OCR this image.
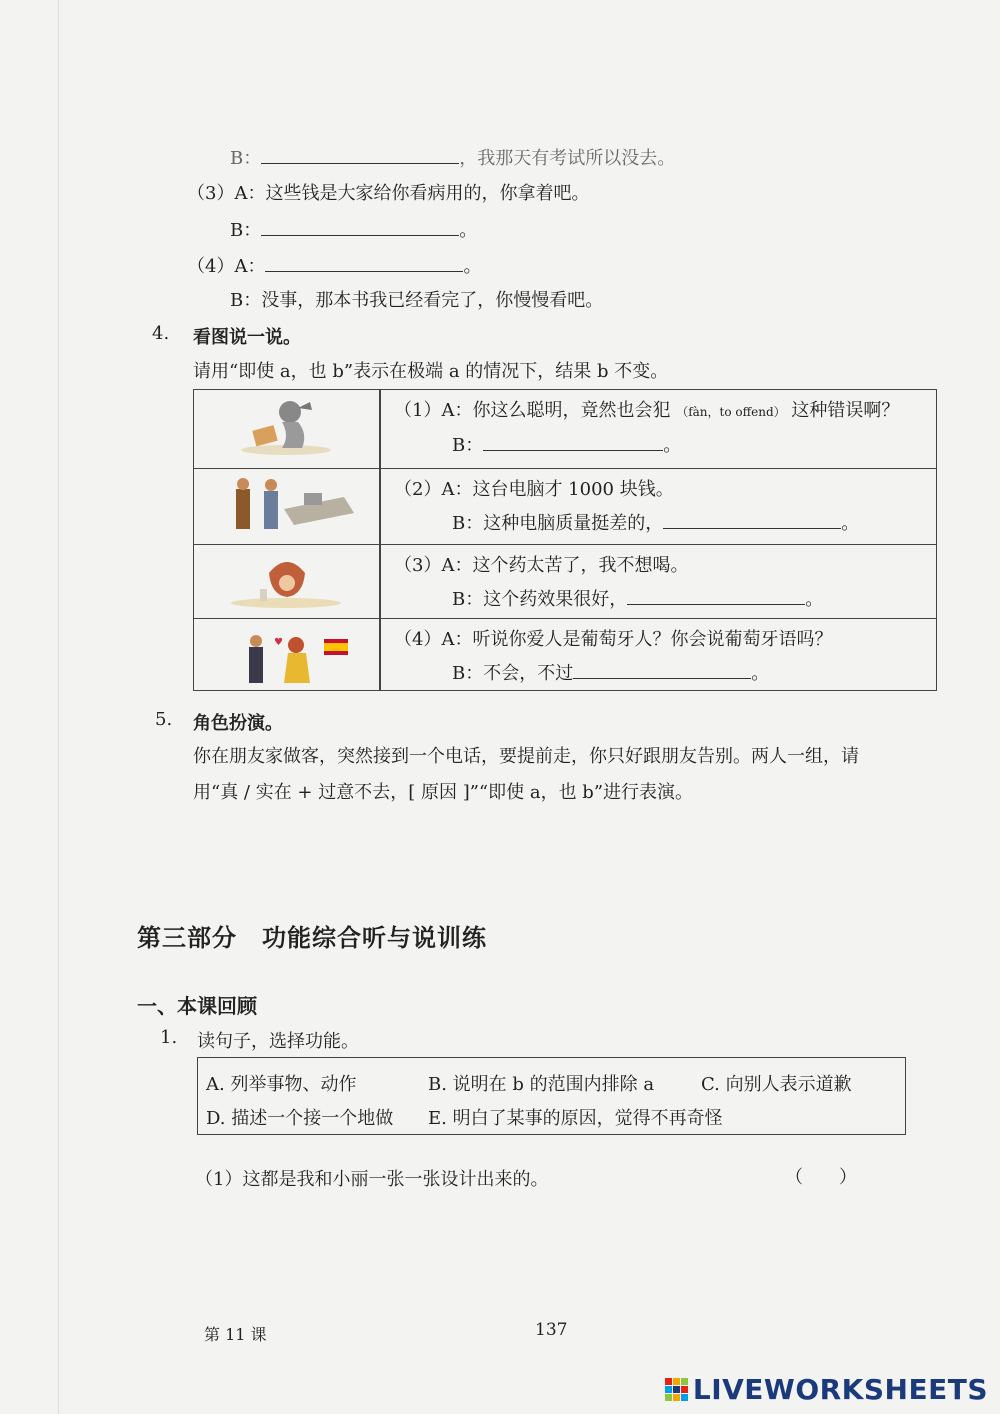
B：	，我那天有考试所以没去。
（3）A：这些钱是大家给你看病用的，你拿着吧。
B：	。
（4）A：	。
B：没事，那本书我已经看完了，你慢慢看吧。
4. 看图说一说。
请用“即使 a，也 b”表示在极端 a 的情况下，结果 b 不变。
（1）A：你这么聪明，竟然也会犯 （fàn，to offend） 这种错误啊？
B：	。
（2）A：这台电脑才 1000 块钱。
B：这种电脑质量挺差的，	。
（3）A：这个药太苦了，我不想喝。
B：这个药效果很好，	。
♥	（4）A：听说你爱人是葡萄牙人？你会说葡萄牙语吗？
B：不会，不过	。
5. 角色扮演。
你在朋友家做客，突然接到一个电话，要提前走，你只好跟朋友告别。两人一组，请
用“真 / 实在 + 过意不去，[ 原因 ]”“即使 a，也 b”进行表演。
第三部分　功能综合听与说训练
一、本课回顾
1. 读句子，选择功能。
A. 列举事物、动作	B. 说明在 b 的范围内排除 a	C. 向别人表示道歉
D. 描述一个接一个地做 E. 明白了某事的原因，觉得不再奇怪
（1）这都是我和小丽一张一张设计出来的。	（　　）
第 11 课	137
LIVEWORKSHEETS
